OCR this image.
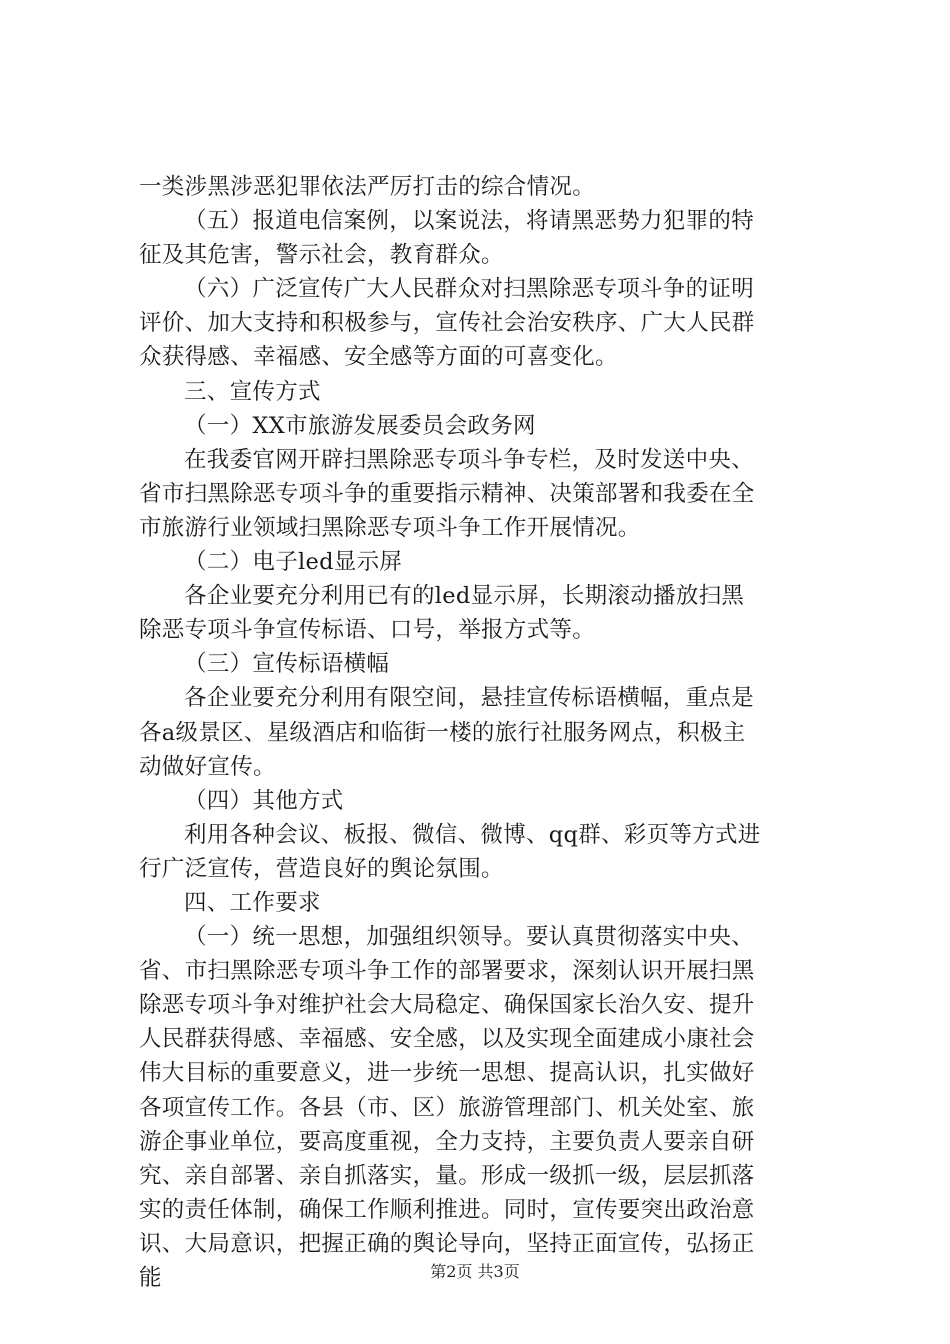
一类涉黑涉恶犯罪依法严厉打击的综合情况。
（五）报道电信案例，以案说法，将请黑恶势力犯罪的特
征及其危害，警示社会，教育群众。
（六）广泛宣传广大人民群众对扫黑除恶专项斗争的证明
评价、加大支持和积极参与，宣传社会治安秩序、广大人民群
众获得感、幸福感、安全感等方面的可喜变化。
三、宣传方式
（一）XX市旅游发展委员会政务网
在我委官网开辟扫黑除恶专项斗争专栏，及时发送中央、
省市扫黑除恶专项斗争的重要指示精神、决策部署和我委在全
市旅游行业领域扫黑除恶专项斗争工作开展情况。
（二）电子led显示屏
各企业要充分利用已有的led显示屏，长期滚动播放扫黑
除恶专项斗争宣传标语、口号，举报方式等。
（三）宣传标语横幅
各企业要充分利用有限空间，悬挂宣传标语横幅，重点是
各a级景区、星级酒店和临街一楼的旅行社服务网点，积极主
动做好宣传。
（四）其他方式
利用各种会议、板报、微信、微博、qq群、彩页等方式进
行广泛宣传，营造良好的舆论氛围。
四、工作要求
（一）统一思想，加强组织领导。要认真贯彻落实中央、
省、市扫黑除恶专项斗争工作的部署要求，深刻认识开展扫黑
除恶专项斗争对维护社会大局稳定、确保国家长治久安、提升
人民群获得感、幸福感、安全感，以及实现全面建成小康社会
伟大目标的重要意义，进一步统一思想、提高认识，扎实做好
各项宣传工作。各县（市、区）旅游管理部门、机关处室、旅
游企事业单位，要高度重视，全力支持，主要负责人要亲自研
究、亲自部署、亲自抓落实，量。形成一级抓一级，层层抓落
实的责任体制，确保工作顺利推进。同时，宣传要突出政治意
识、大局意识，把握正确的舆论导向，坚持正面宣传，弘扬正
能	第2页 共3页
